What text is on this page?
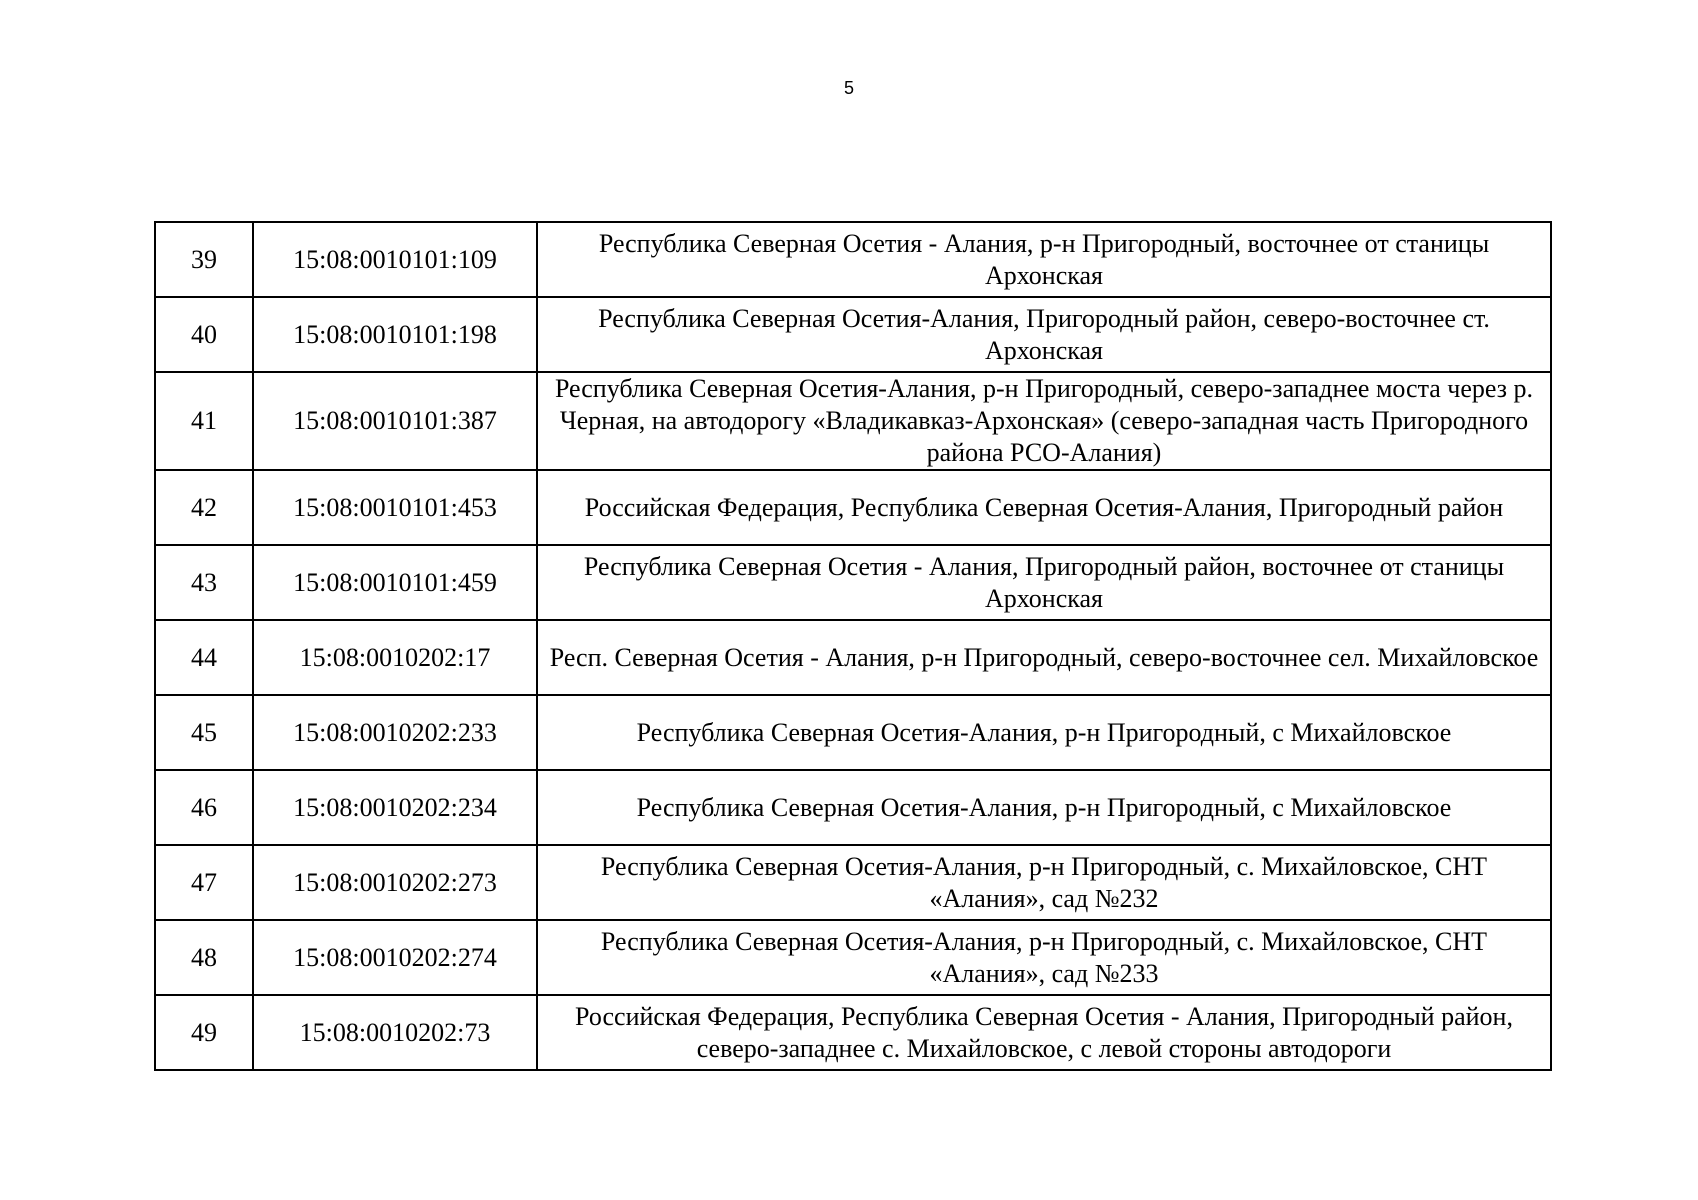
5
39	15:08:0010101:109	Республика Северная Осетия - Алания, р-н Пригородный, восточнее от станицы Архонская
40	15:08:0010101:198	Республика Северная Осетия-Алания, Пригородный район, северо-восточнее ст. Архонская
41	15:08:0010101:387	Республика Северная Осетия-Алания, р-н Пригородный, северо-западнее моста через р. Черная, на автодорогу «Владикавказ-Архонская» (северо-западная часть Пригородного района РСО-Алания)
42	15:08:0010101:453	Российская Федерация, Республика Северная Осетия-Алания, Пригородный район
43	15:08:0010101:459	Республика Северная Осетия - Алания, Пригородный район, восточнее от станицы Архонская
44	15:08:0010202:17	Респ. Северная Осетия - Алания, р-н Пригородный, северо-восточнее сел. Михайловское
45	15:08:0010202:233	Республика Северная Осетия-Алания, р-н Пригородный, с Михайловское
46	15:08:0010202:234	Республика Северная Осетия-Алания, р-н Пригородный, с Михайловское
47	15:08:0010202:273	Республика Северная Осетия-Алания, р-н Пригородный, с. Михайловское, СНТ «Алания», сад №232
48	15:08:0010202:274	Республика Северная Осетия-Алания, р-н Пригородный, с. Михайловское, СНТ «Алания», сад №233
49	15:08:0010202:73	Российская Федерация, Республика Северная Осетия - Алания, Пригородный район, северо-западнее с. Михайловское, с левой стороны автодороги
